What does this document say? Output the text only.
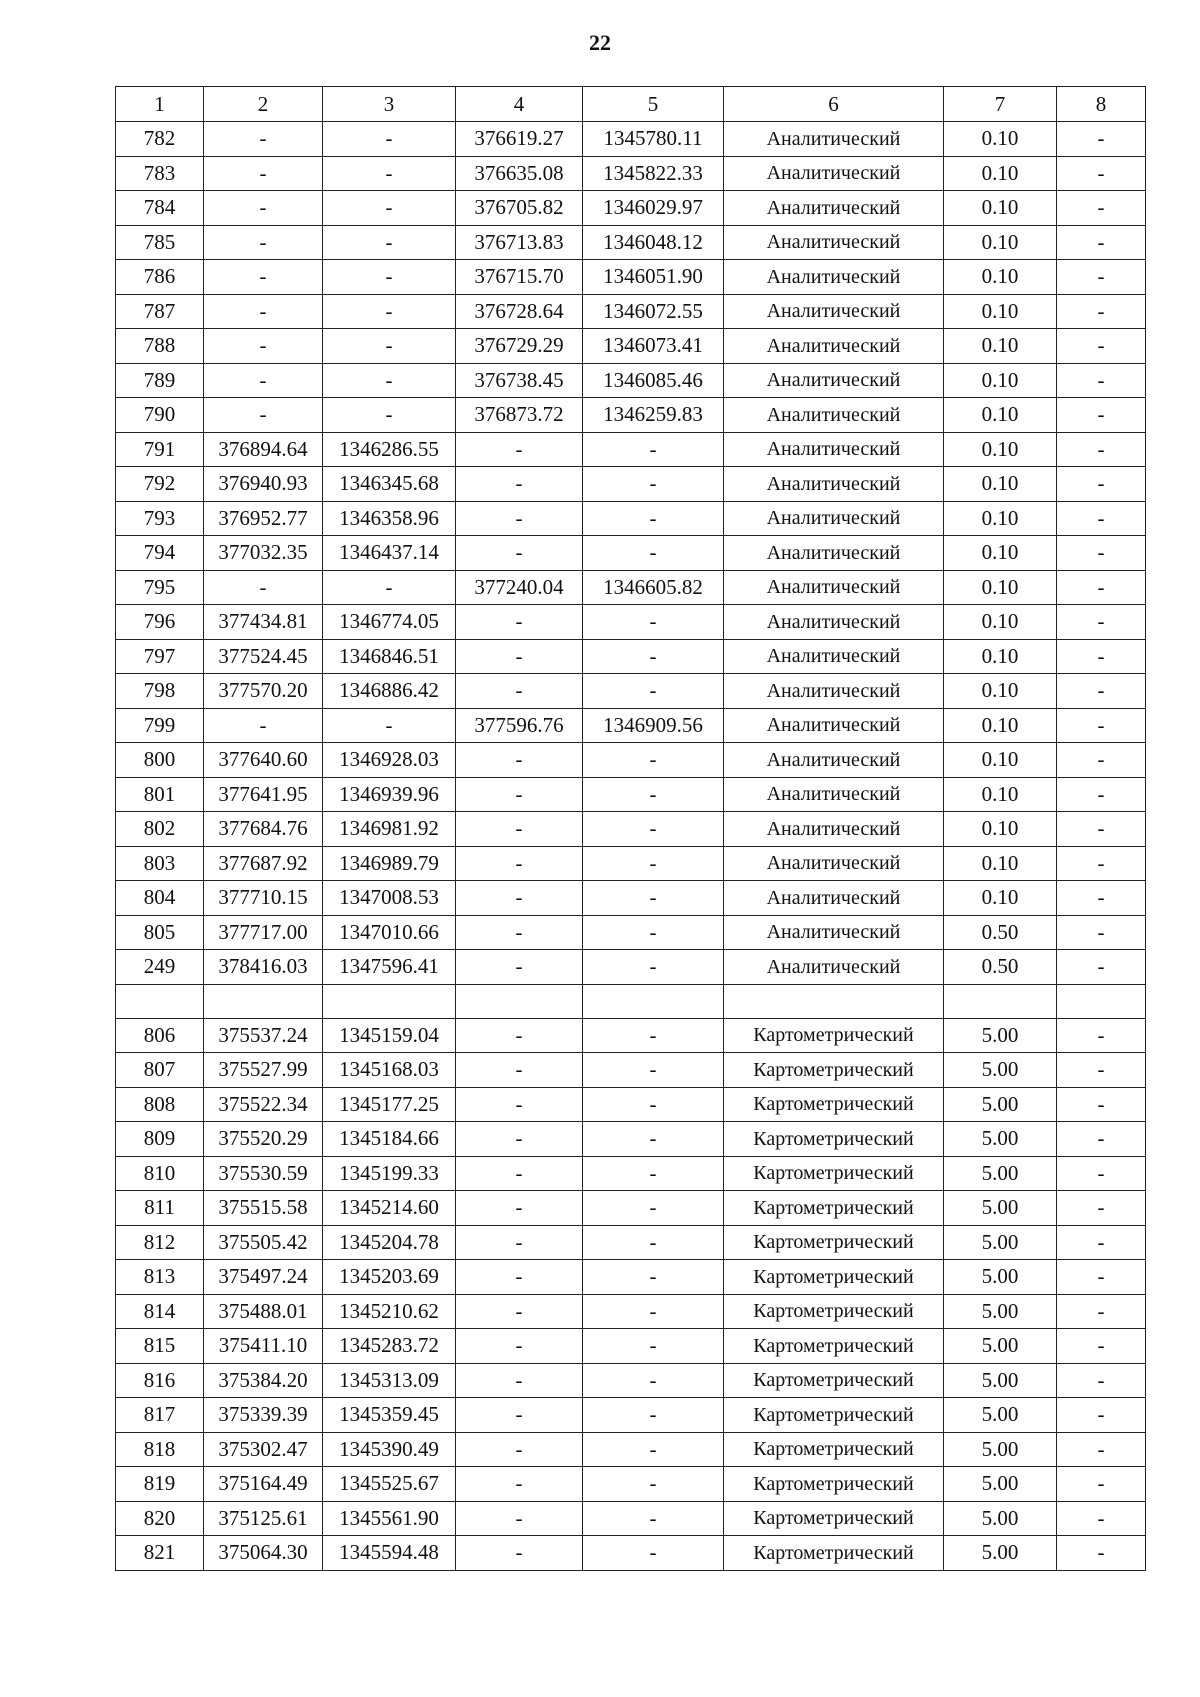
22
1	2	3	4	5	6	7	8
782	-	-	376619.27	1345780.11	Аналитический	0.10	-
783	-	-	376635.08	1345822.33	Аналитический	0.10	-
784	-	-	376705.82	1346029.97	Аналитический	0.10	-
785	-	-	376713.83	1346048.12	Аналитический	0.10	-
786	-	-	376715.70	1346051.90	Аналитический	0.10	-
787	-	-	376728.64	1346072.55	Аналитический	0.10	-
788	-	-	376729.29	1346073.41	Аналитический	0.10	-
789	-	-	376738.45	1346085.46	Аналитический	0.10	-
790	-	-	376873.72	1346259.83	Аналитический	0.10	-
791	376894.64	1346286.55	-	-	Аналитический	0.10	-
792	376940.93	1346345.68	-	-	Аналитический	0.10	-
793	376952.77	1346358.96	-	-	Аналитический	0.10	-
794	377032.35	1346437.14	-	-	Аналитический	0.10	-
795	-	-	377240.04	1346605.82	Аналитический	0.10	-
796	377434.81	1346774.05	-	-	Аналитический	0.10	-
797	377524.45	1346846.51	-	-	Аналитический	0.10	-
798	377570.20	1346886.42	-	-	Аналитический	0.10	-
799	-	-	377596.76	1346909.56	Аналитический	0.10	-
800	377640.60	1346928.03	-	-	Аналитический	0.10	-
801	377641.95	1346939.96	-	-	Аналитический	0.10	-
802	377684.76	1346981.92	-	-	Аналитический	0.10	-
803	377687.92	1346989.79	-	-	Аналитический	0.10	-
804	377710.15	1347008.53	-	-	Аналитический	0.10	-
805	377717.00	1347010.66	-	-	Аналитический	0.50	-
249	378416.03	1347596.41	-	-	Аналитический	0.50	-

806	375537.24	1345159.04	-	-	Картометрический	5.00	-
807	375527.99	1345168.03	-	-	Картометрический	5.00	-
808	375522.34	1345177.25	-	-	Картометрический	5.00	-
809	375520.29	1345184.66	-	-	Картометрический	5.00	-
810	375530.59	1345199.33	-	-	Картометрический	5.00	-
811	375515.58	1345214.60	-	-	Картометрический	5.00	-
812	375505.42	1345204.78	-	-	Картометрический	5.00	-
813	375497.24	1345203.69	-	-	Картометрический	5.00	-
814	375488.01	1345210.62	-	-	Картометрический	5.00	-
815	375411.10	1345283.72	-	-	Картометрический	5.00	-
816	375384.20	1345313.09	-	-	Картометрический	5.00	-
817	375339.39	1345359.45	-	-	Картометрический	5.00	-
818	375302.47	1345390.49	-	-	Картометрический	5.00	-
819	375164.49	1345525.67	-	-	Картометрический	5.00	-
820	375125.61	1345561.90	-	-	Картометрический	5.00	-
821	375064.30	1345594.48	-	-	Картометрический	5.00	-
